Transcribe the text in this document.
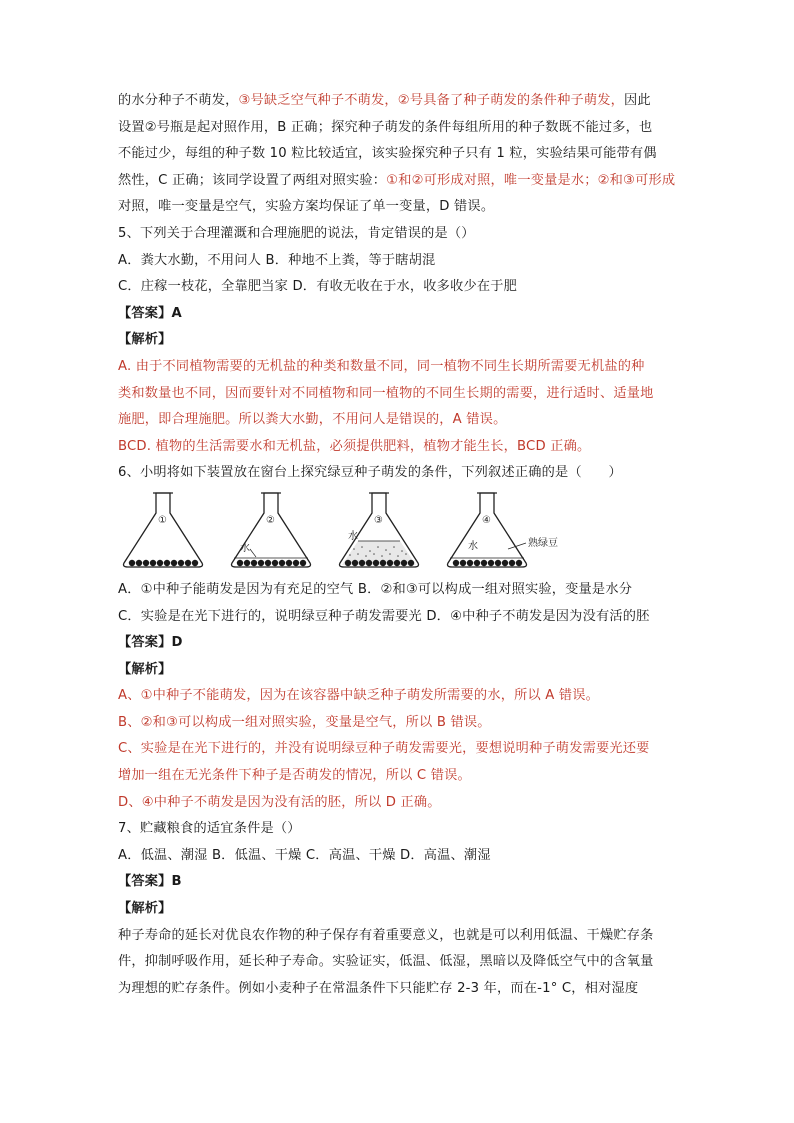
的水分种子不萌发，③号缺乏空气种子不萌发，②号具备了种子萌发的条件种子萌发，因此
设置②号瓶是起对照作用，B 正确；探究种子萌发的条件每组所用的种子数既不能过多，也
不能过少，每组的种子数 10 粒比较适宜，该实验探究种子只有 1 粒，实验结果可能带有偶
然性，C 正确；该同学设置了两组对照实验：①和②可形成对照，唯一变量是水；②和③可形成
对照，唯一变量是空气，实验方案均保证了单一变量，D 错误。
5、下列关于合理灌溉和合理施肥的说法，肯定错误的是（）
A．粪大水勤，不用问人 B．种地不上粪，等于瞎胡混
C．庄稼一枝花，全靠肥当家 D．有收无收在于水，收多收少在于肥
【答案】A
【解析】
A. 由于不同植物需要的无机盐的种类和数量不同，同一植物不同生长期所需要无机盐的种
类和数量也不同，因而要针对不同植物和同一植物的不同生长期的需要，进行适时、适量地
施肥，即合理施肥。所以粪大水勤，不用问人是错误的，A 错误。
BCD. 植物的生活需要水和无机盐，必须提供肥料，植物才能生长，BCD 正确。
6、小明将如下装置放在窗台上探究绿豆种子萌发的条件，下列叙述正确的是（　　）
①	②
水
③
水
④
水	熟绿豆
A．①中种子能萌发是因为有充足的空气 B．②和③可以构成一组对照实验，变量是水分
C．实验是在光下进行的，说明绿豆种子萌发需要光 D．④中种子不萌发是因为没有活的胚
【答案】D
【解析】
A、①中种子不能萌发，因为在该容器中缺乏种子萌发所需要的水，所以 A 错误。
B、②和③可以构成一组对照实验，变量是空气，所以 B 错误。
C、实验是在光下进行的，并没有说明绿豆种子萌发需要光，要想说明种子萌发需要光还要
增加一组在无光条件下种子是否萌发的情况，所以 C 错误。
D、④中种子不萌发是因为没有活的胚，所以 D 正确。
7、贮藏粮食的适宜条件是（）
A．低温、潮湿 B．低温、干燥 C．高温、干燥 D．高温、潮湿
【答案】B
【解析】
种子寿命的延长对优良农作物的种子保存有着重要意义，也就是可以利用低温、干燥贮存条
件，抑制呼吸作用，延长种子寿命。实验证实，低温、低湿，黑暗以及降低空气中的含氧量
为理想的贮存条件。例如小麦种子在常温条件下只能贮存 2-3 年，而在-1° C，相对湿度
